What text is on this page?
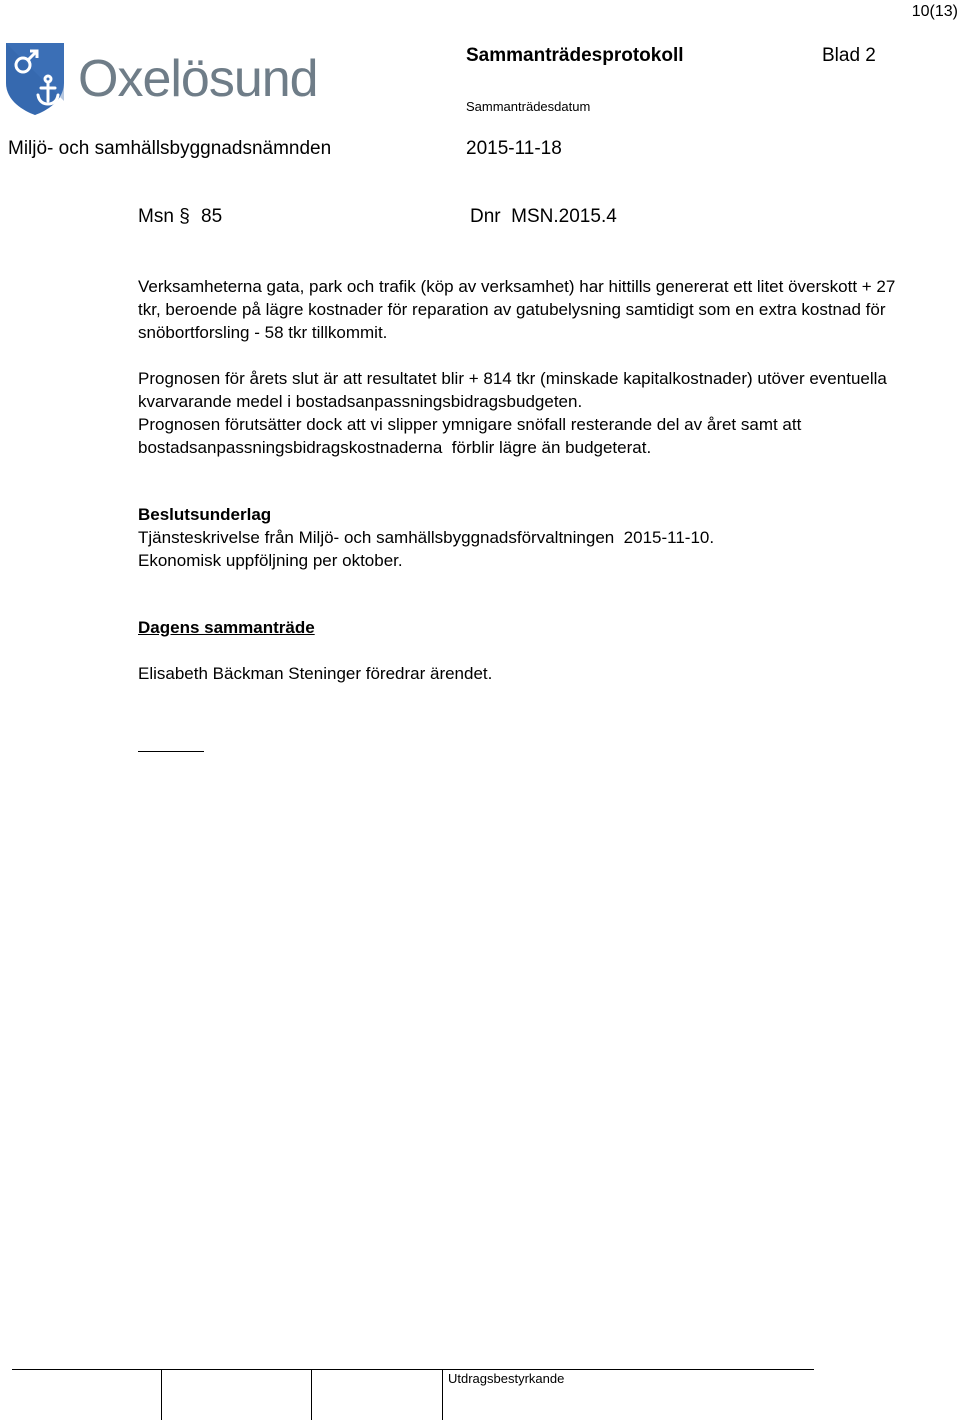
10(13)
Oxelösund	Sammanträdesprotokoll	Blad 2
Sammanträdesdatum
Miljö- och samhällsbyggnadsnämnden	2015-11-18
Msn § 85	Dnr  MSN.2015.4

Verksamheterna gata, park och trafik (köp av verksamhet) har hittills genererat ett litet överskott + 27 tkr, beroende på lägre kostnader för reparation av gatubelysning samtidigt som en extra kostnad för snöbortforsling - 58 tkr tillkommit.

Prognosen för årets slut är att resultatet blir + 814 tkr (minskade kapitalkostnader) utöver eventuella kvarvarande medel i bostadsanpassningsbidragsbudgeten.

Prognosen förutsätter dock att vi slipper ymnigare snöfall resterande del av året samt att bostadsanpassningsbidragskostnaderna  förblir lägre än budgeterat.

Beslutsunderlag
Tjänsteskrivelse från Miljö- och samhällsbyggnadsförvaltningen  2015-11-10.
Ekonomisk uppföljning per oktober.
Dagens sammanträde
Elisabeth Bäckman Steninger föredrar ärendet.
Utdragsbestyrkande
